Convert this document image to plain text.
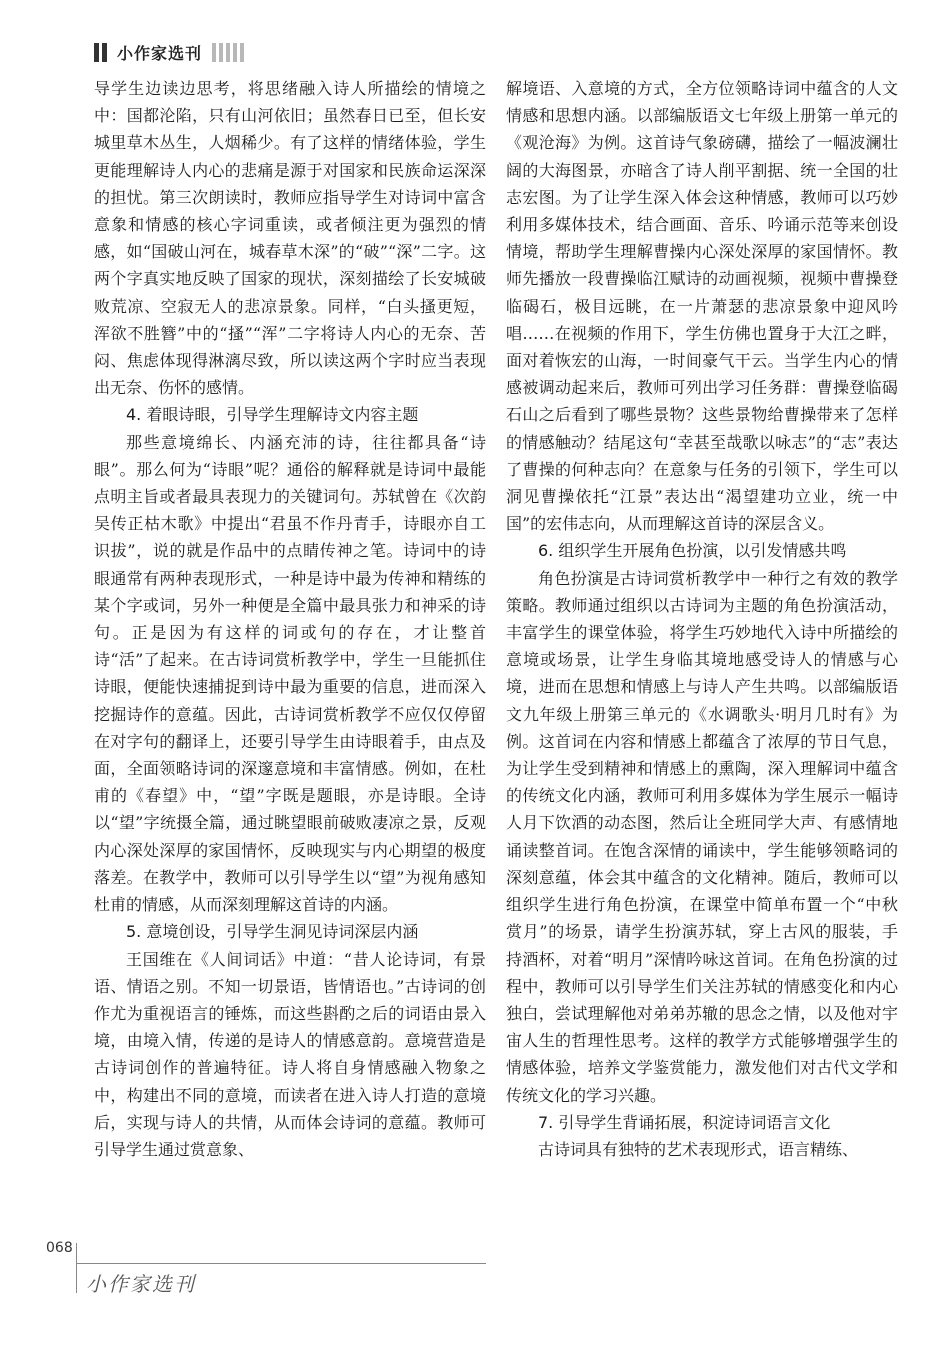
小作家选刊

导学生边读边思考，将思绪融入诗人所描绘的情境之中：国都沦陷，只有山河依旧；虽然春日已至，但长安城里草木丛生，人烟稀少。有了这样的情绪体验，学生更能理解诗人内心的悲痛是源于对国家和民族命运深深的担忧。第三次朗读时，教师应指导学生对诗词中富含意象和情感的核心字词重读，或者倾注更为强烈的情感，如“国破山河在，城春草木深”的“破”“深”二字。这两个字真实地反映了国家的现状，深刻描绘了长安城破败荒凉、空寂无人的悲凉景象。同样，“白头搔更短，浑欲不胜簪”中的“搔”“浑”二字将诗人内心的无奈、苦闷、焦虑体现得淋漓尽致，所以读这两个字时应当表现出无奈、伤怀的感情。

4. 着眼诗眼，引导学生理解诗文内容主题

那些意境绵长、内涵充沛的诗，往往都具备“诗眼”。那么何为“诗眼”呢？通俗的解释就是诗词中最能点明主旨或者最具表现力的关键词句。苏轼曾在《次韵吴传正枯木歌》中提出“君虽不作丹青手，诗眼亦自工识拔”，说的就是作品中的点睛传神之笔。诗词中的诗眼通常有两种表现形式，一种是诗中最为传神和精练的某个字或词，另外一种便是全篇中最具张力和神采的诗句。正是因为有这样的词或句的存在，才让整首诗“活”了起来。在古诗词赏析教学中，学生一旦能抓住诗眼，便能快速捕捉到诗中最为重要的信息，进而深入挖掘诗作的意蕴。因此，古诗词赏析教学不应仅仅停留在对字句的翻译上，还要引导学生由诗眼着手，由点及面，全面领略诗词的深邃意境和丰富情感。例如，在杜甫的《春望》中，“望”字既是题眼，亦是诗眼。全诗以“望”字统摄全篇，通过眺望眼前破败凄凉之景，反观内心深处深厚的家国情怀，反映现实与内心期望的极度落差。在教学中，教师可以引导学生以“望”为视角感知杜甫的情感，从而深刻理解这首诗的内涵。

5. 意境创设，引导学生洞见诗词深层内涵

王国维在《人间词话》中道：“昔人论诗词，有景语、情语之别。不知一切景语，皆情语也。”古诗词的创作尤为重视语言的锤炼，而这些斟酌之后的词语由景入境，由境入情，传递的是诗人的情感意韵。意境营造是古诗词创作的普遍特征。诗人将自身情感融入物象之中，构建出不同的意境，而读者在进入诗人打造的意境后，实现与诗人的共情，从而体会诗词的意蕴。教师可引导学生通过赏意象、

解境语、入意境的方式，全方位领略诗词中蕴含的人文情感和思想内涵。以部编版语文七年级上册第一单元的《观沧海》为例。这首诗气象磅礴，描绘了一幅波澜壮阔的大海图景，亦暗含了诗人削平割据、统一全国的壮志宏图。为了让学生深入体会这种情感，教师可以巧妙利用多媒体技术，结合画面、音乐、吟诵示范等来创设情境，帮助学生理解曹操内心深处深厚的家国情怀。教师先播放一段曹操临江赋诗的动画视频，视频中曹操登临碣石，极目远眺，在一片萧瑟的悲凉景象中迎风吟唱……在视频的作用下，学生仿佛也置身于大江之畔，面对着恢宏的山海，一时间豪气干云。当学生内心的情感被调动起来后，教师可列出学习任务群：曹操登临碣石山之后看到了哪些景物？这些景物给曹操带来了怎样的情感触动？结尾这句“幸甚至哉歌以咏志”的“志”表达了曹操的何种志向？在意象与任务的引领下，学生可以洞见曹操依托“江景”表达出“渴望建功立业，统一中国”的宏伟志向，从而理解这首诗的深层含义。

6. 组织学生开展角色扮演，以引发情感共鸣

角色扮演是古诗词赏析教学中一种行之有效的教学策略。教师通过组织以古诗词为主题的角色扮演活动，丰富学生的课堂体验，将学生巧妙地代入诗中所描绘的意境或场景，让学生身临其境地感受诗人的情感与心境，进而在思想和情感上与诗人产生共鸣。以部编版语文九年级上册第三单元的《水调歌头·明月几时有》为例。这首词在内容和情感上都蕴含了浓厚的节日气息，为让学生受到精神和情感上的熏陶，深入理解词中蕴含的传统文化内涵，教师可利用多媒体为学生展示一幅诗人月下饮酒的动态图，然后让全班同学大声、有感情地诵读整首词。在饱含深情的诵读中，学生能够领略词的深刻意蕴，体会其中蕴含的文化精神。随后，教师可以组织学生进行角色扮演，在课堂中简单布置一个“中秋赏月”的场景，请学生扮演苏轼，穿上古风的服装，手持酒杯，对着“明月”深情吟咏这首词。在角色扮演的过程中，教师可以引导学生们关注苏轼的情感变化和内心独白，尝试理解他对弟弟苏辙的思念之情，以及他对宇宙人生的哲理性思考。这样的教学方式能够增强学生的情感体验，培养文学鉴赏能力，激发他们对古代文学和传统文化的学习兴趣。

7. 引导学生背诵拓展，积淀诗词语言文化

古诗词具有独特的艺术表现形式，语言精练、

068
小作家选刊
